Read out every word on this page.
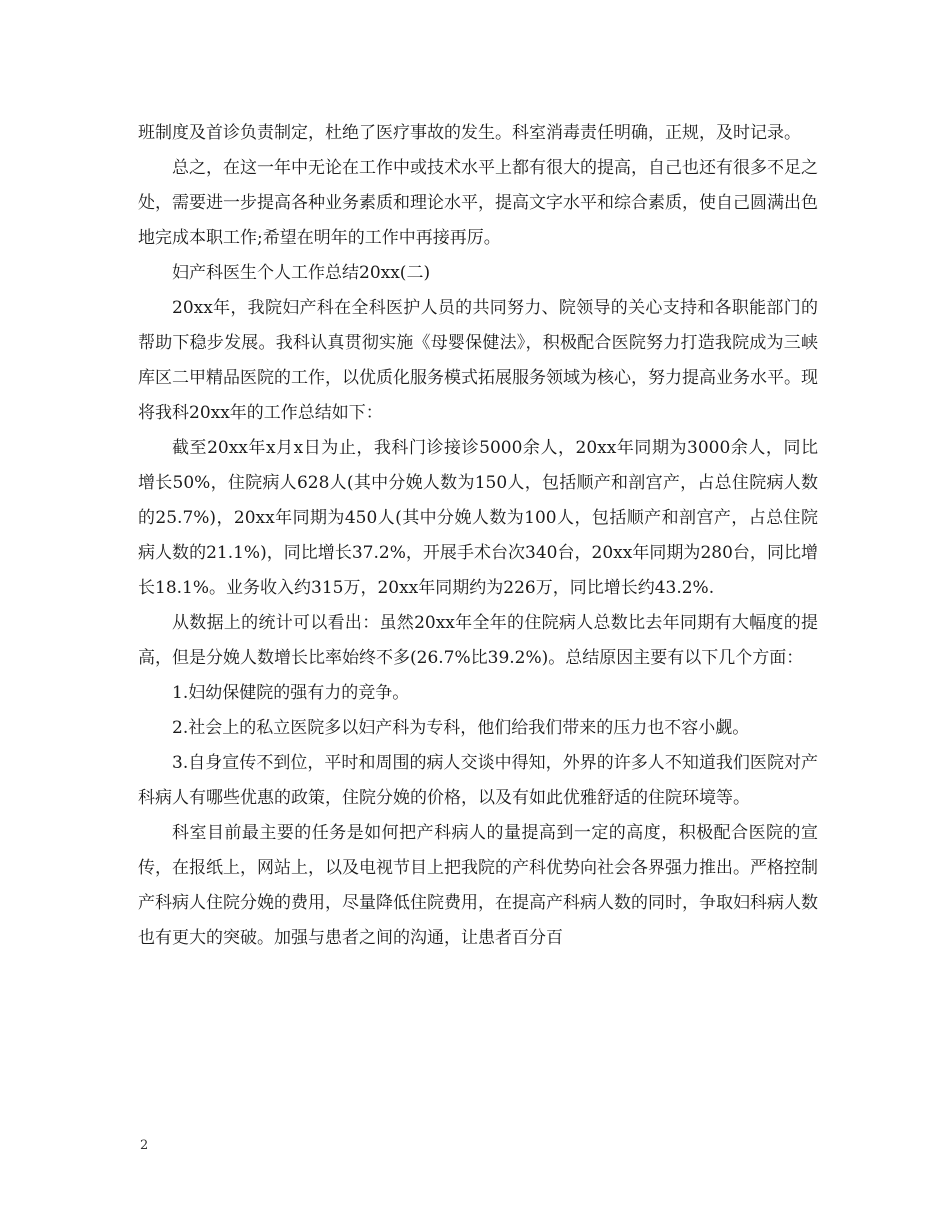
班制度及首诊负责制定，杜绝了医疗事故的发生。科室消毒责任明确，正规，及时记录。

总之，在这一年中无论在工作中或技术水平上都有很大的提高，自己也还有很多不足之处，需要进一步提高各种业务素质和理论水平，提高文字水平和综合素质，使自己圆满出色地完成本职工作;希望在明年的工作中再接再厉。

妇产科医生个人工作总结20xx(二)

20xx年，我院妇产科在全科医护人员的共同努力、院领导的关心支持和各职能部门的帮助下稳步发展。我科认真贯彻实施《母婴保健法》，积极配合医院努力打造我院成为三峡库区二甲精品医院的工作，以优质化服务模式拓展服务领域为核心，努力提高业务水平。现将我科20xx年的工作总结如下：

截至20xx年x月x日为止，我科门诊接诊5000余人，20xx年同期为3000余人，同比增长50%，住院病人628人(其中分娩人数为150人，包括顺产和剖宫产，占总住院病人数的25.7%)，20xx年同期为450人(其中分娩人数为100人，包括顺产和剖宫产，占总住院病人数的21.1%)，同比增长37.2%，开展手术台次340台，20xx年同期为280台，同比增长18.1%。业务收入约315万，20xx年同期约为226万，同比增长约43.2%.

从数据上的统计可以看出：虽然20xx年全年的住院病人总数比去年同期有大幅度的提高，但是分娩人数增长比率始终不多(26.7%比39.2%)。总结原因主要有以下几个方面：

1.妇幼保健院的强有力的竞争。

2.社会上的私立医院多以妇产科为专科，他们给我们带来的压力也不容小觑。

3.自身宣传不到位，平时和周围的病人交谈中得知，外界的许多人不知道我们医院对产科病人有哪些优惠的政策，住院分娩的价格，以及有如此优雅舒适的住院环境等。

科室目前最主要的任务是如何把产科病人的量提高到一定的高度，积极配合医院的宣传，在报纸上，网站上，以及电视节目上把我院的产科优势向社会各界强力推出。严格控制产科病人住院分娩的费用，尽量降低住院费用，在提高产科病人数的同时，争取妇科病人数也有更大的突破。加强与患者之间的沟通，让患者百分百

2
